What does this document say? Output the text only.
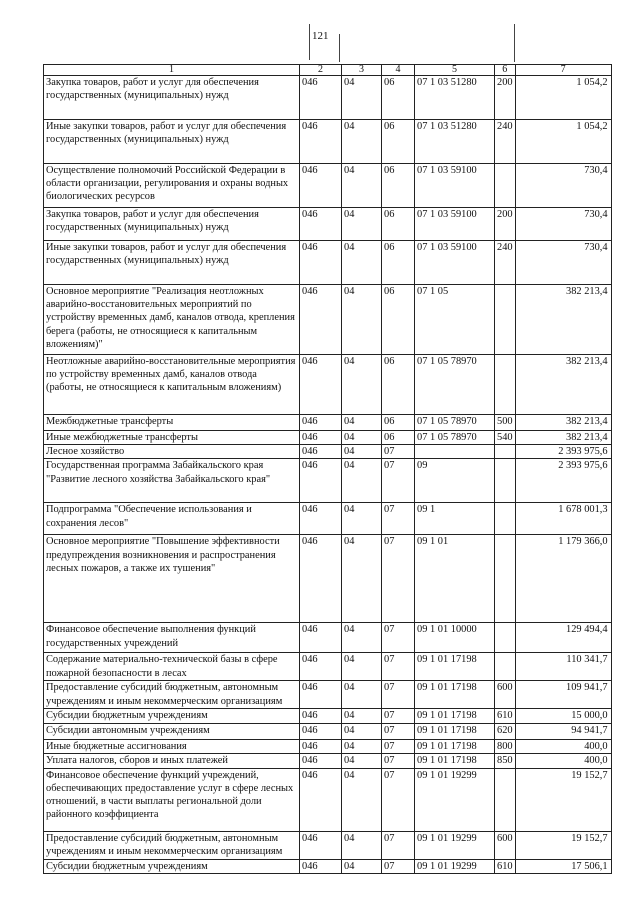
121
1	2	3	4	5	6	7
Закупка товаров, работ и услуг для обеспечения государственных (муниципальных) нужд	046	04	06	07 1 03 51280	200	1 054,2
Иные закупки товаров, работ и услуг для обеспечения государственных (муниципальных) нужд	046	04	06	07 1 03 51280	240	1 054,2
Осуществление полномочий Российской Федерации в области организации, регулирования и охраны водных биологических ресурсов	046	04	06	07 1 03 59100		730,4
Закупка товаров, работ и услуг для обеспечения государственных (муниципальных) нужд	046	04	06	07 1 03 59100	200	730,4
Иные закупки товаров, работ и услуг для обеспечения государственных (муниципальных) нужд	046	04	06	07 1 03 59100	240	730,4
Основное мероприятие "Реализация неотложных аварийно-восстановительных мероприятий по устройству временных дамб, каналов отвода, крепления берега (работы, не относящиеся к капитальным вложениям)"	046	04	06	07 1 05		382 213,4
Неотложные аварийно-восстановительные мероприятия по устройству временных дамб, каналов отвода (работы, не относящиеся к капитальным вложениям)	046	04	06	07 1 05 78970		382 213,4
Межбюджетные трансферты	046	04	06	07 1 05 78970	500	382 213,4
Иные межбюджетные трансферты	046	04	06	07 1 05 78970	540	382 213,4
Лесное хозяйство	046	04	07			2 393 975,6
Государственная программа Забайкальского края "Развитие лесного хозяйства Забайкальского края"	046	04	07	09		2 393 975,6
Подпрограмма "Обеспечение использования и сохранения лесов"	046	04	07	09 1		1 678 001,3
Основное мероприятие "Повышение эффективности предупреждения возникновения и распространения лесных пожаров, а также их тушения"	046	04	07	09 1 01		1 179 366,0
Финансовое обеспечение выполнения функций государственных учреждений	046	04	07	09 1 01 10000		129 494,4
Содержание материально-технической базы в сфере пожарной безопасности в лесах	046	04	07	09 1 01 17198		110 341,7
Предоставление субсидий бюджетным, автономным учреждениям и иным некоммерческим организациям	046	04	07	09 1 01 17198	600	109 941,7
Субсидии бюджетным учреждениям	046	04	07	09 1 01 17198	610	15 000,0
Субсидии автономным учреждениям	046	04	07	09 1 01 17198	620	94 941,7
Иные бюджетные ассигнования	046	04	07	09 1 01 17198	800	400,0
Уплата налогов, сборов и иных платежей	046	04	07	09 1 01 17198	850	400,0
Финансовое обеспечение функций учреждений, обеспечивающих предоставление услуг в сфере лесных отношений, в части выплаты региональной доли районного коэффициента	046	04	07	09 1 01 19299		19 152,7
Предоставление субсидий бюджетным, автономным учреждениям и иным некоммерческим организациям	046	04	07	09 1 01 19299	600	19 152,7
Субсидии бюджетным учреждениям	046	04	07	09 1 01 19299	610	17 506,1
